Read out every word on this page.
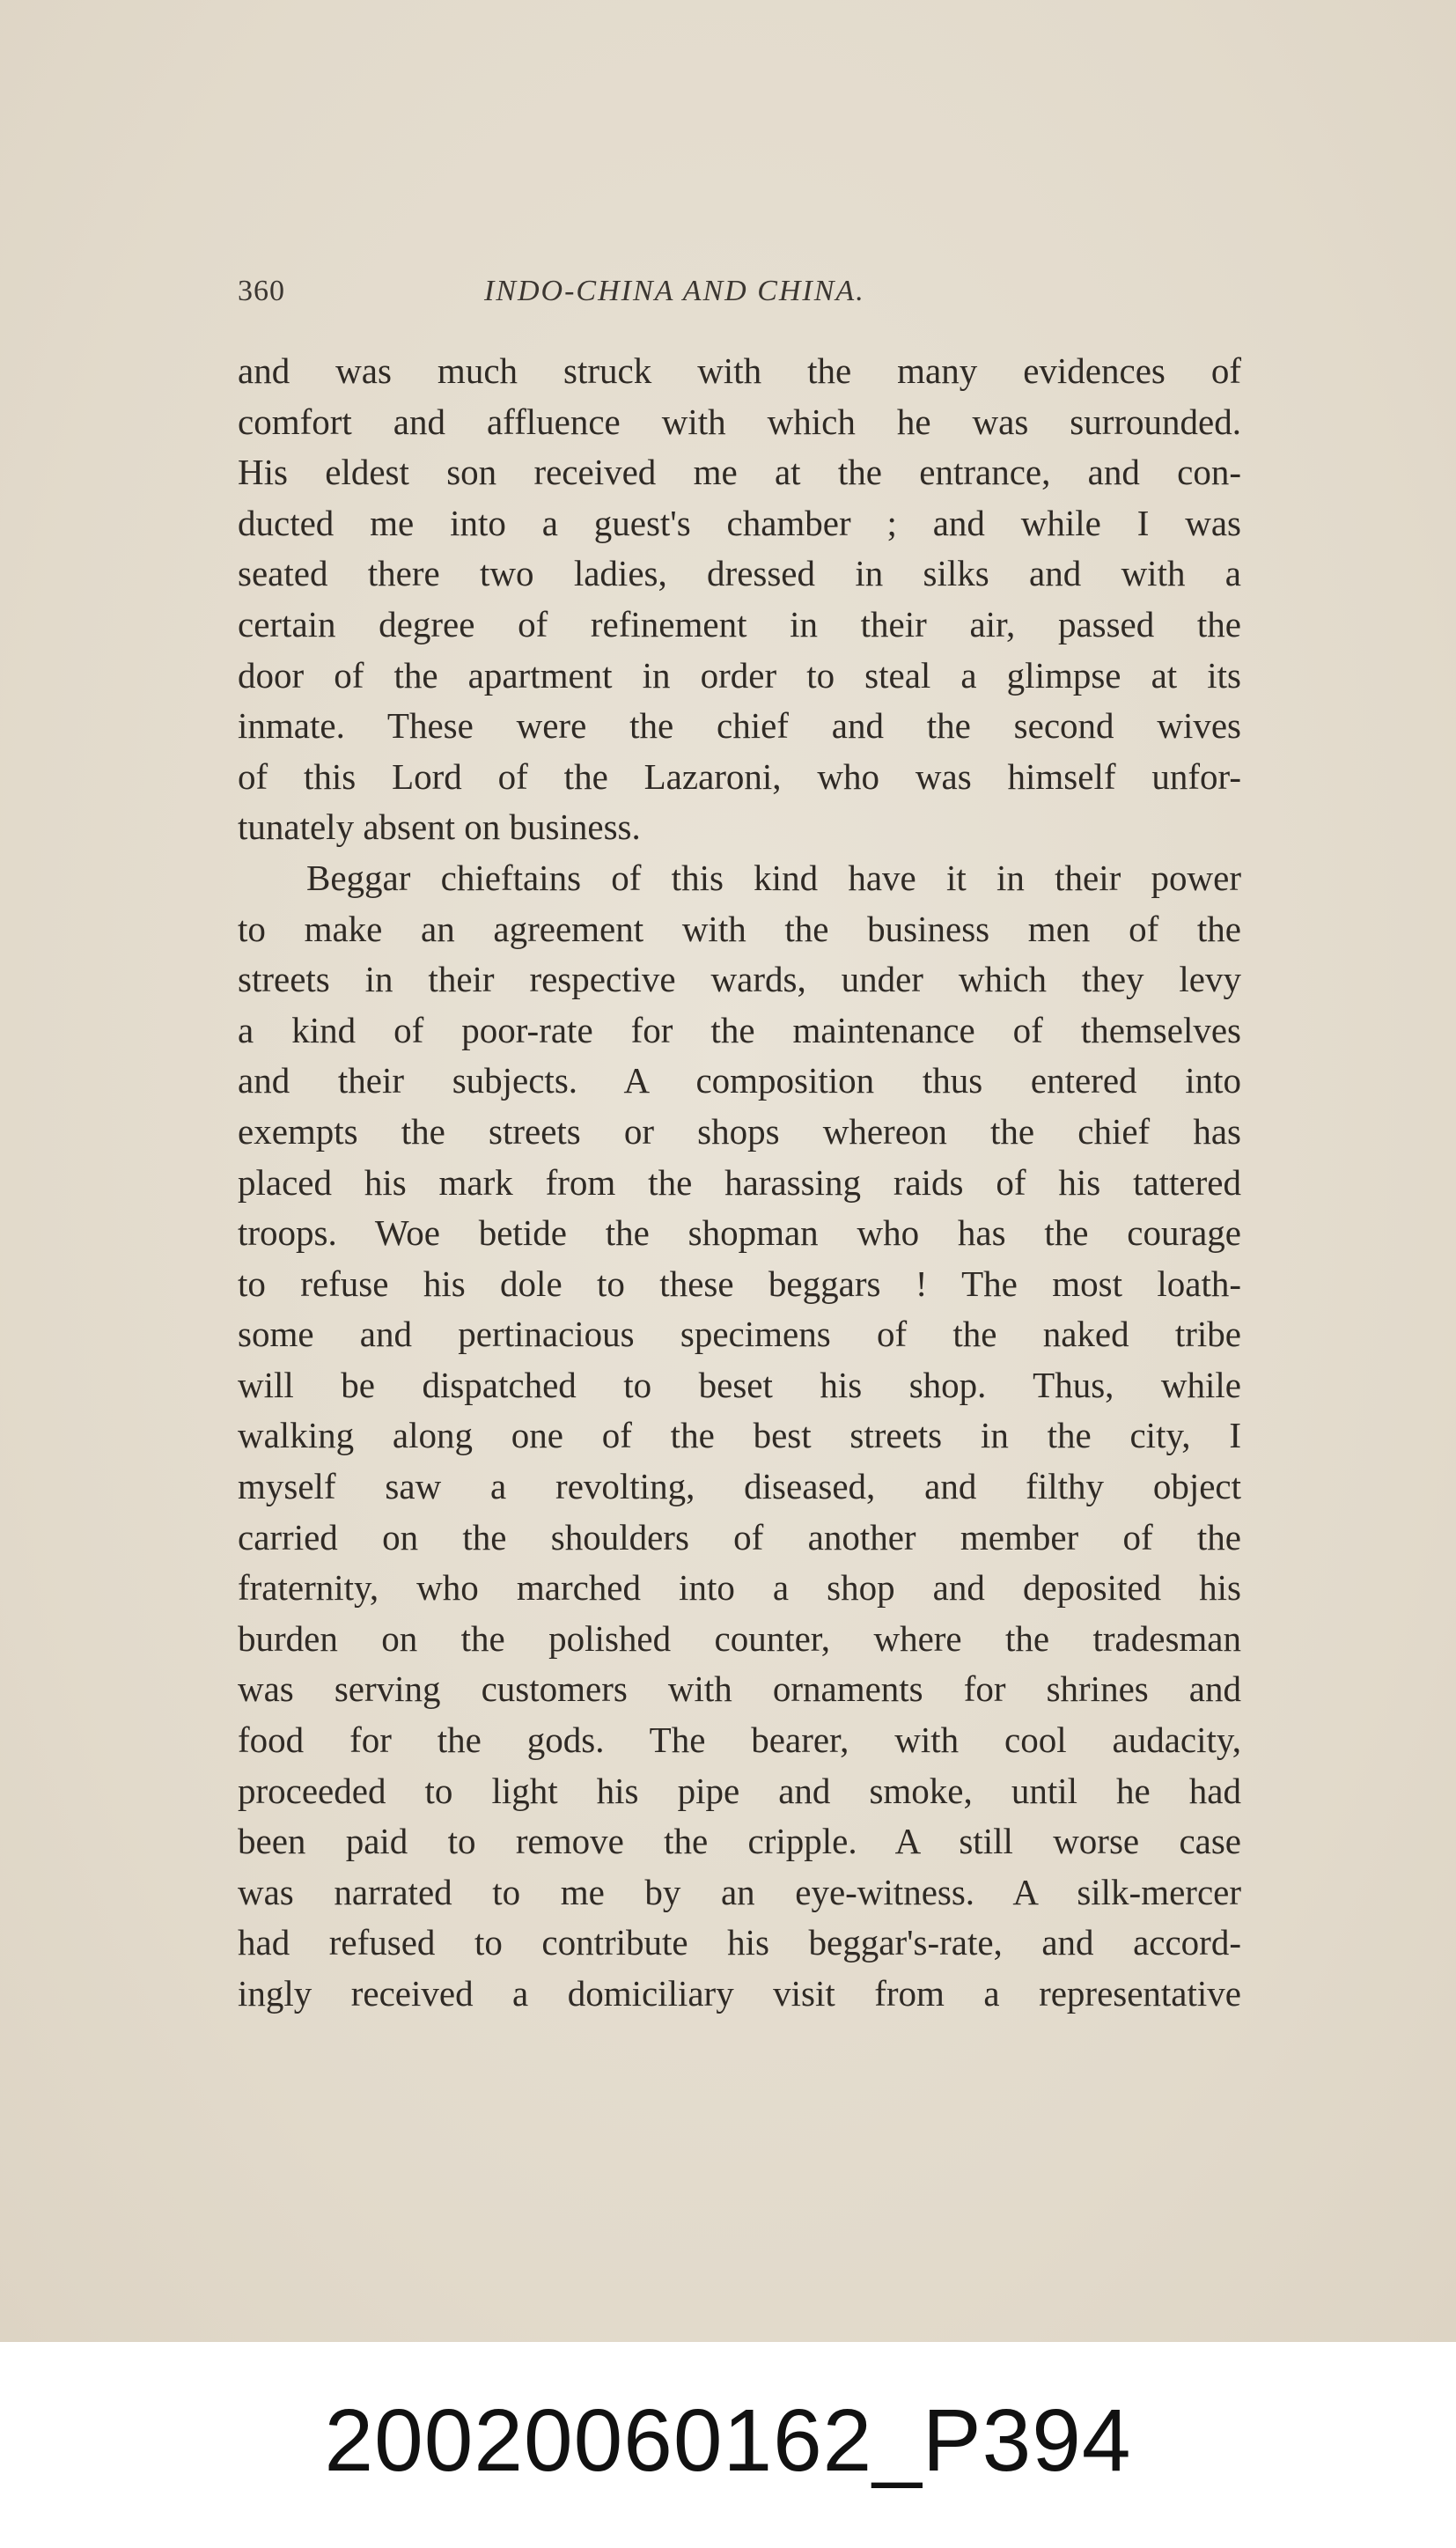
360	INDO-CHINA AND CHINA.
and was much struck with the many evidences of
comfort and affluence with which he was surrounded.
His eldest son received me at the entrance, and con-
ducted me into a guest's chamber ; and while I was
seated there two ladies, dressed in silks and with a
certain degree of refinement in their air, passed the
door of the apartment in order to steal a glimpse at its
inmate. These were the chief and the second wives
of this Lord of the Lazaroni, who was himself unfor-
tunately absent on business.
Beggar chieftains of this kind have it in their power
to make an agreement with the business men of the
streets in their respective wards, under which they levy
a kind of poor-rate for the maintenance of themselves
and their subjects. A composition thus entered into
exempts the streets or shops whereon the chief has
placed his mark from the harassing raids of his tattered
troops. Woe betide the shopman who has the courage
to refuse his dole to these beggars ! The most loath-
some and pertinacious specimens of the naked tribe
will be dispatched to beset his shop. Thus, while
walking along one of the best streets in the city, I
myself saw a revolting, diseased, and filthy object
carried on the shoulders of another member of the
fraternity, who marched into a shop and deposited his
burden on the polished counter, where the tradesman
was serving customers with ornaments for shrines and
food for the gods. The bearer, with cool audacity,
proceeded to light his pipe and smoke, until he had
been paid to remove the cripple. A still worse case
was narrated to me by an eye-witness. A silk-mercer
had refused to contribute his beggar's-rate, and accord-
ingly received a domiciliary visit from a representative
20020060162_P394
